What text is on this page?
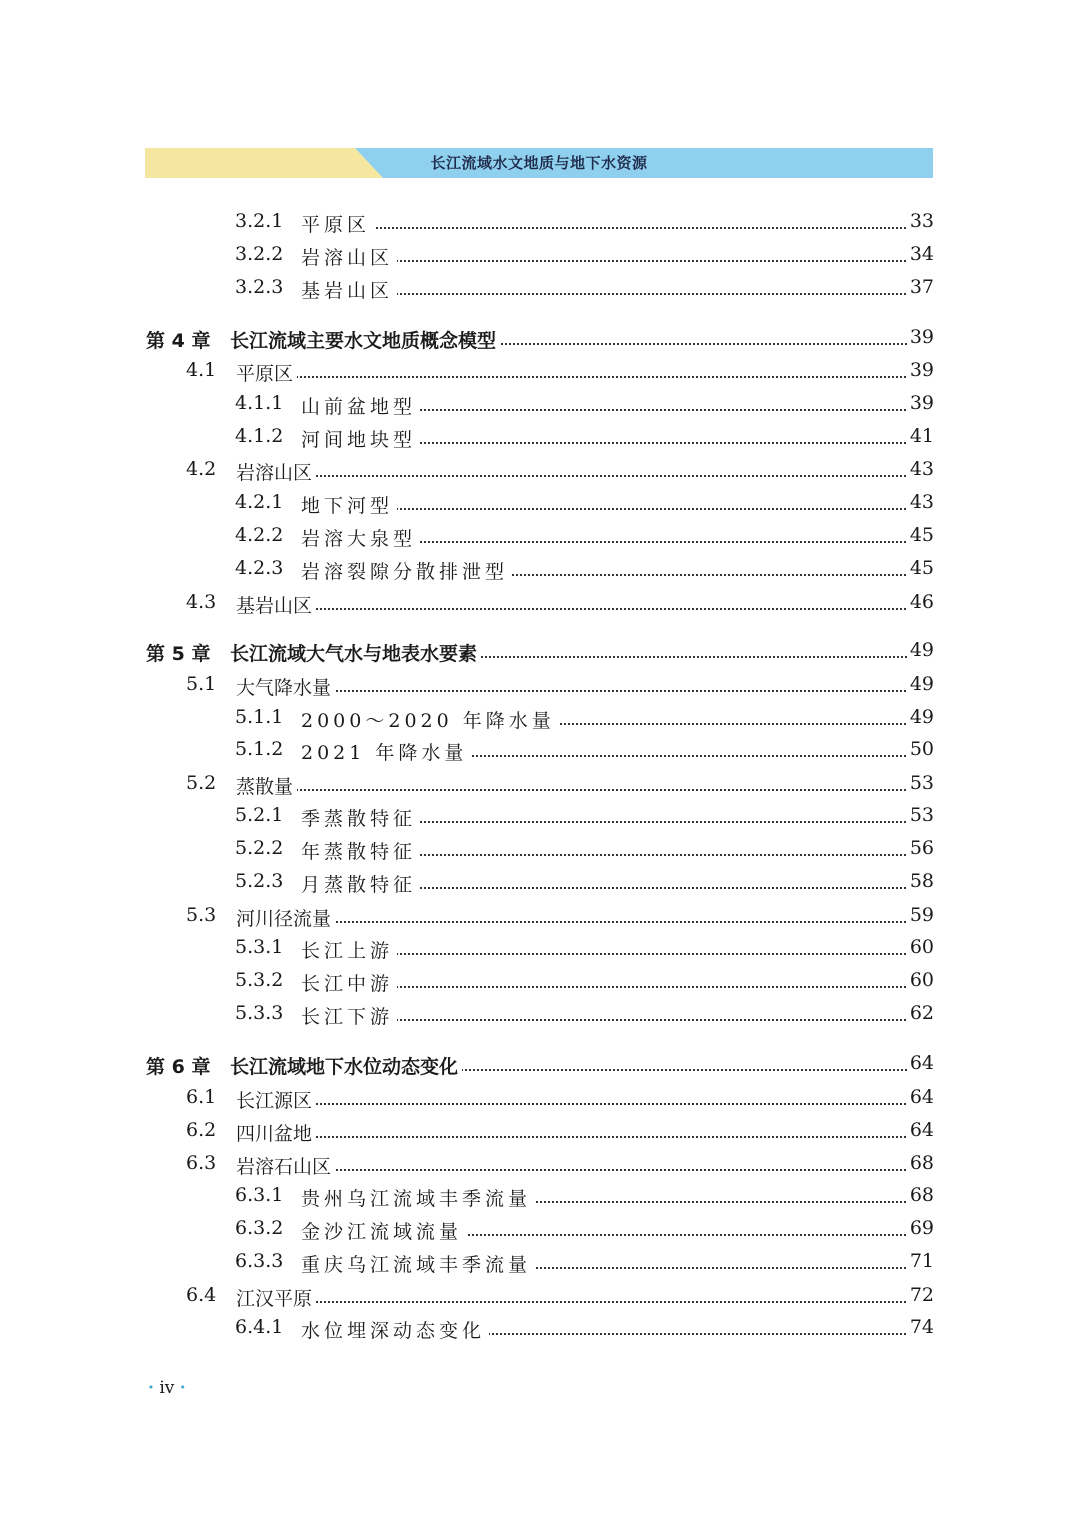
长江流域水文地质与地下水资源
3.2.1 平原区	33
3.2.2 岩溶山区	34
3.2.3 基岩山区	37
第 4 章 长江流域主要水文地质概念模型	39
4.1 平原区	39
4.1.1 山前盆地型	39
4.1.2 河间地块型	41
4.2 岩溶山区	43
4.2.1 地下河型	43
4.2.2 岩溶大泉型	45
4.2.3 岩溶裂隙分散排泄型	45
4.3 基岩山区	46
第 5 章 长江流域大气水与地表水要素	49
5.1 大气降水量	49
5.1.1 2000～2020 年降水量	49
5.1.2 2021 年降水量	50
5.2 蒸散量	53
5.2.1 季蒸散特征	53
5.2.2 年蒸散特征	56
5.2.3 月蒸散特征	58
5.3 河川径流量	59
5.3.1 长江上游	60
5.3.2 长江中游	60
5.3.3 长江下游	62
第 6 章 长江流域地下水位动态变化	64
6.1 长江源区	64
6.2 四川盆地	64
6.3 岩溶石山区	68
6.3.1 贵州乌江流域丰季流量	68
6.3.2 金沙江流域流量	69
6.3.3 重庆乌江流域丰季流量	71
6.4 江汉平原	72
6.4.1 水位埋深动态变化	74
· iv ·
